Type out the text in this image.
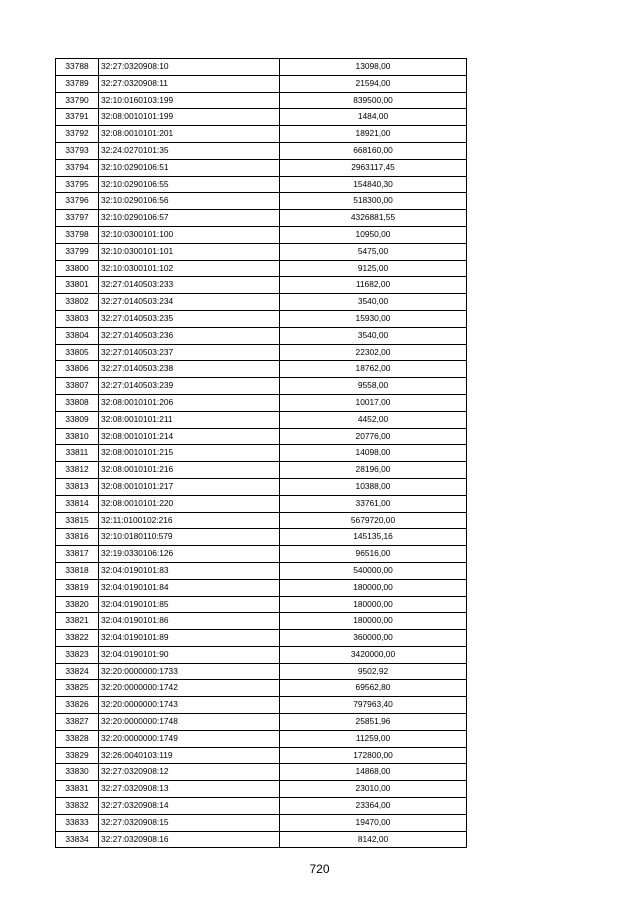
33788	32:27:0320908:10	13098,00
33789	32:27:0320908:11	21594,00
33790	32:10:0160103:199	839500,00
33791	32:08:0010101:199	1484,00
33792	32:08:0010101:201	18921,00
33793	32:24:0270101:35	668160,00
33794	32:10:0290106:51	2963117,45
33795	32:10:0290106:55	154840,30
33796	32:10:0290106:56	518300,00
33797	32:10:0290106:57	4326881,55
33798	32:10:0300101:100	10950,00
33799	32:10:0300101:101	5475,00
33800	32:10:0300101:102	9125,00
33801	32:27:0140503:233	11682,00
33802	32:27:0140503:234	3540,00
33803	32:27:0140503:235	15930,00
33804	32:27:0140503:236	3540,00
33805	32:27:0140503:237	22302,00
33806	32:27:0140503:238	18762,00
33807	32:27:0140503:239	9558,00
33808	32:08:0010101:206	10017,00
33809	32:08:0010101:211	4452,00
33810	32:08:0010101:214	20776,00
33811	32:08:0010101:215	14098,00
33812	32:08:0010101:216	28196,00
33813	32:08:0010101:217	10388,00
33814	32:08:0010101:220	33761,00
33815	32:11:0100102:216	5679720,00
33816	32:10:0180110:579	145135,16
33817	32:19:0330106:126	96516,00
33818	32:04:0190101:83	540000,00
33819	32:04:0190101:84	180000,00
33820	32:04:0190101:85	180000,00
33821	32:04:0190101:86	180000,00
33822	32:04:0190101:89	360000,00
33823	32:04:0190101:90	3420000,00
33824	32:20:0000000:1733	9502,92
33825	32:20:0000000:1742	69562,80
33826	32:20:0000000:1743	797963,40
33827	32:20:0000000:1748	25851,96
33828	32:20:0000000:1749	11259,00
33829	32:26:0040103:119	172800,00
33830	32:27:0320908:12	14868,00
33831	32:27:0320908:13	23010,00
33832	32:27:0320908:14	23364,00
33833	32:27:0320908:15	19470,00
33834	32:27:0320908:16	8142,00
720
